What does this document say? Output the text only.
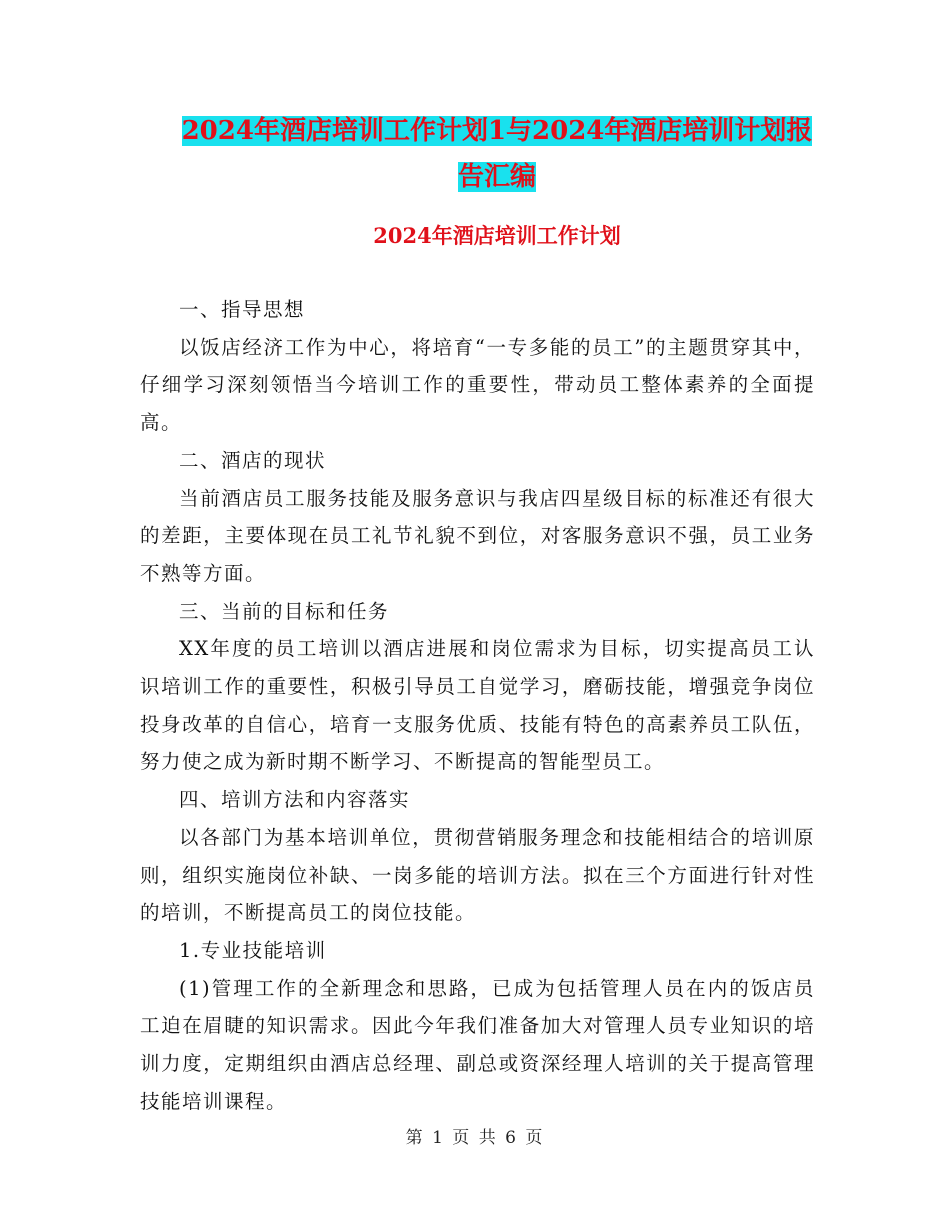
2024年酒店培训工作计划1与2024年酒店培训计划报
告汇编
2024年酒店培训工作计划

一、指导思想

以饭店经济工作为中心，将培育“一专多能的员工”的主题贯穿其中，仔细学习深刻领悟当今培训工作的重要性，带动员工整体素养的全面提高。

二、酒店的现状

当前酒店员工服务技能及服务意识与我店四星级目标的标准还有很大的差距，主要体现在员工礼节礼貌不到位，对客服务意识不强，员工业务不熟等方面。

三、当前的目标和任务

XX年度的员工培训以酒店进展和岗位需求为目标，切实提高员工认识培训工作的重要性，积极引导员工自觉学习，磨砺技能，增强竞争岗位投身改革的自信心，培育一支服务优质、技能有特色的高素养员工队伍，努力使之成为新时期不断学习、不断提高的智能型员工。

四、培训方法和内容落实

以各部门为基本培训单位，贯彻营销服务理念和技能相结合的培训原则，组织实施岗位补缺、一岗多能的培训方法。拟在三个方面进行针对性的培训，不断提高员工的岗位技能。

1.专业技能培训

(1)管理工作的全新理念和思路，已成为包括管理人员在内的饭店员工迫在眉睫的知识需求。因此今年我们准备加大对管理人员专业知识的培训力度，定期组织由酒店总经理、副总或资深经理人培训的关于提高管理技能培训课程。

第 1 页 共 6 页
